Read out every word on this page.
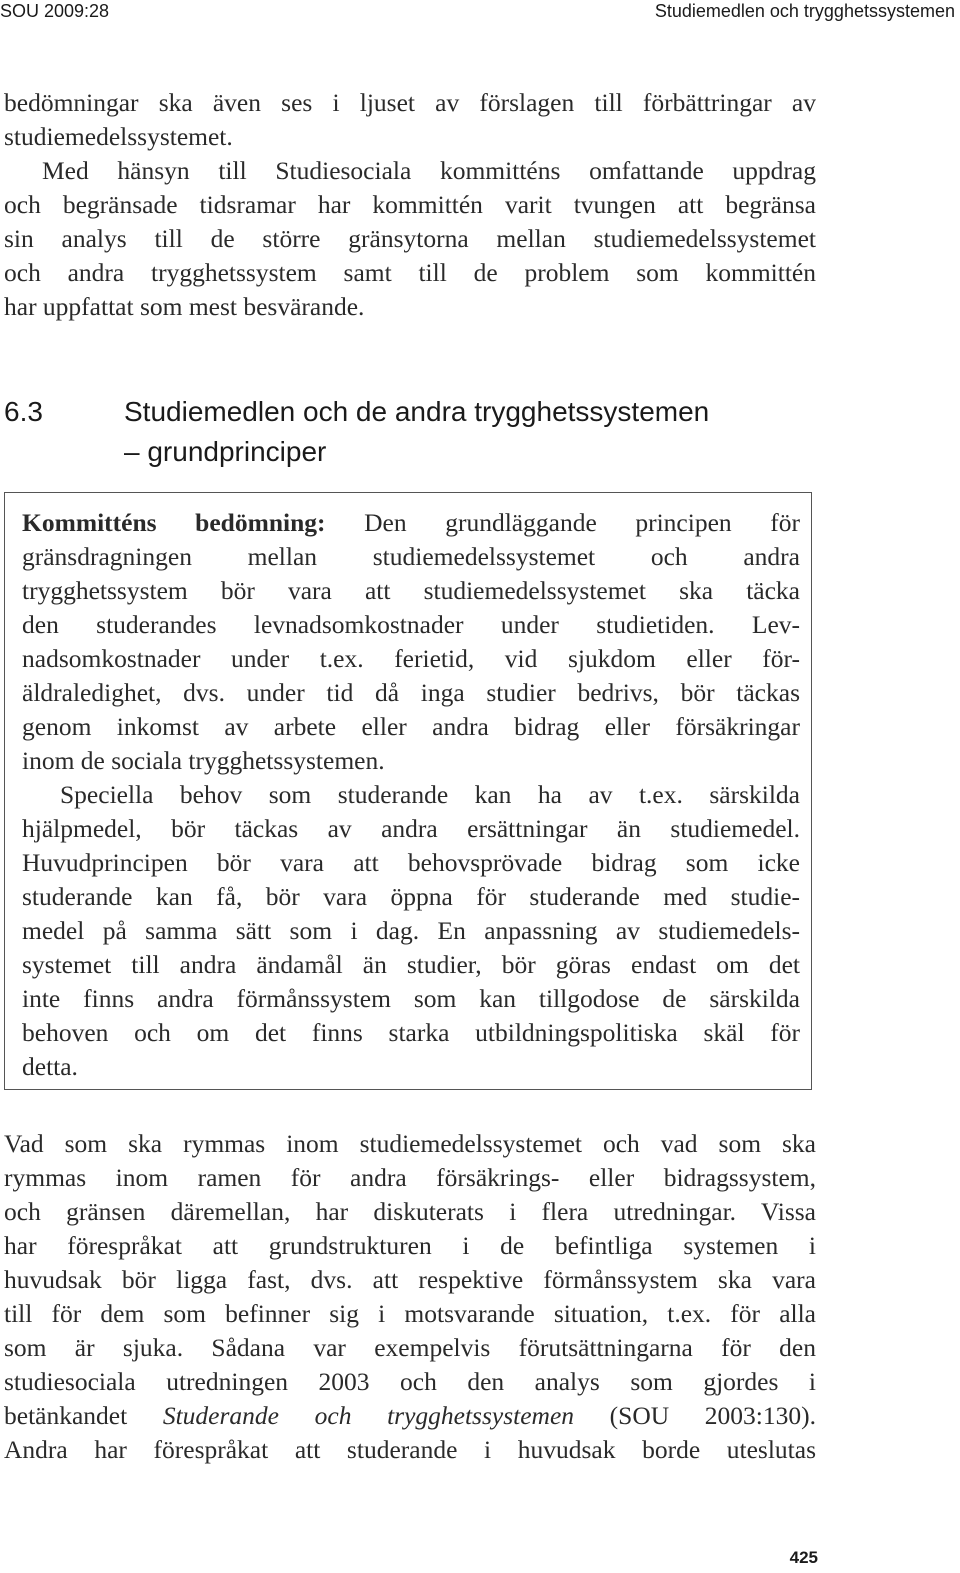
SOU 2009:28	Studiemedlen och trygghetssystemen
bedömningar ska även ses i ljuset av förslagen till förbättringar av
studiemedelssystemet.
Med hänsyn till Studiesociala kommitténs omfattande uppdrag
och begränsade tidsramar har kommittén varit tvungen att begränsa
sin analys till de större gränsytorna mellan studiemedelssystemet
och andra trygghetssystem samt till de problem som kommittén
har uppfattat som mest besvärande.
6.3	Studiemedlen och de andra trygghetssystemen
– grundprinciper
Kommitténs bedömning: Den grundläggande principen för
gränsdragningen mellan studiemedelssystemet och andra
trygghetssystem bör vara att studiemedelssystemet ska täcka
den studerandes levnadsomkostnader under studietiden. Lev-
nadsomkostnader under t.ex. ferietid, vid sjukdom eller för-
äldraledighet, dvs. under tid då inga studier bedrivs, bör täckas
genom inkomst av arbete eller andra bidrag eller försäkringar
inom de sociala trygghetssystemen.
Speciella behov som studerande kan ha av t.ex. särskilda
hjälpmedel, bör täckas av andra ersättningar än studiemedel.
Huvudprincipen bör vara att behovsprövade bidrag som icke
studerande kan få, bör vara öppna för studerande med studie-
medel på samma sätt som i dag. En anpassning av studiemedels-
systemet till andra ändamål än studier, bör göras endast om det
inte finns andra förmånssystem som kan tillgodose de särskilda
behoven och om det finns starka utbildningspolitiska skäl för
detta.
Vad som ska rymmas inom studiemedelssystemet och vad som ska
rymmas inom ramen för andra försäkrings- eller bidragssystem,
och gränsen däremellan, har diskuterats i flera utredningar. Vissa
har förespråkat att grundstrukturen i de befintliga systemen i
huvudsak bör ligga fast, dvs. att respektive förmånssystem ska vara
till för dem som befinner sig i motsvarande situation, t.ex. för alla
som är sjuka. Sådana var exempelvis förutsättningarna för den
studiesociala utredningen 2003 och den analys som gjordes i
betänkandet Studerande och trygghetssystemen (SOU 2003:130).
Andra har förespråkat att studerande i huvudsak borde uteslutas
425
